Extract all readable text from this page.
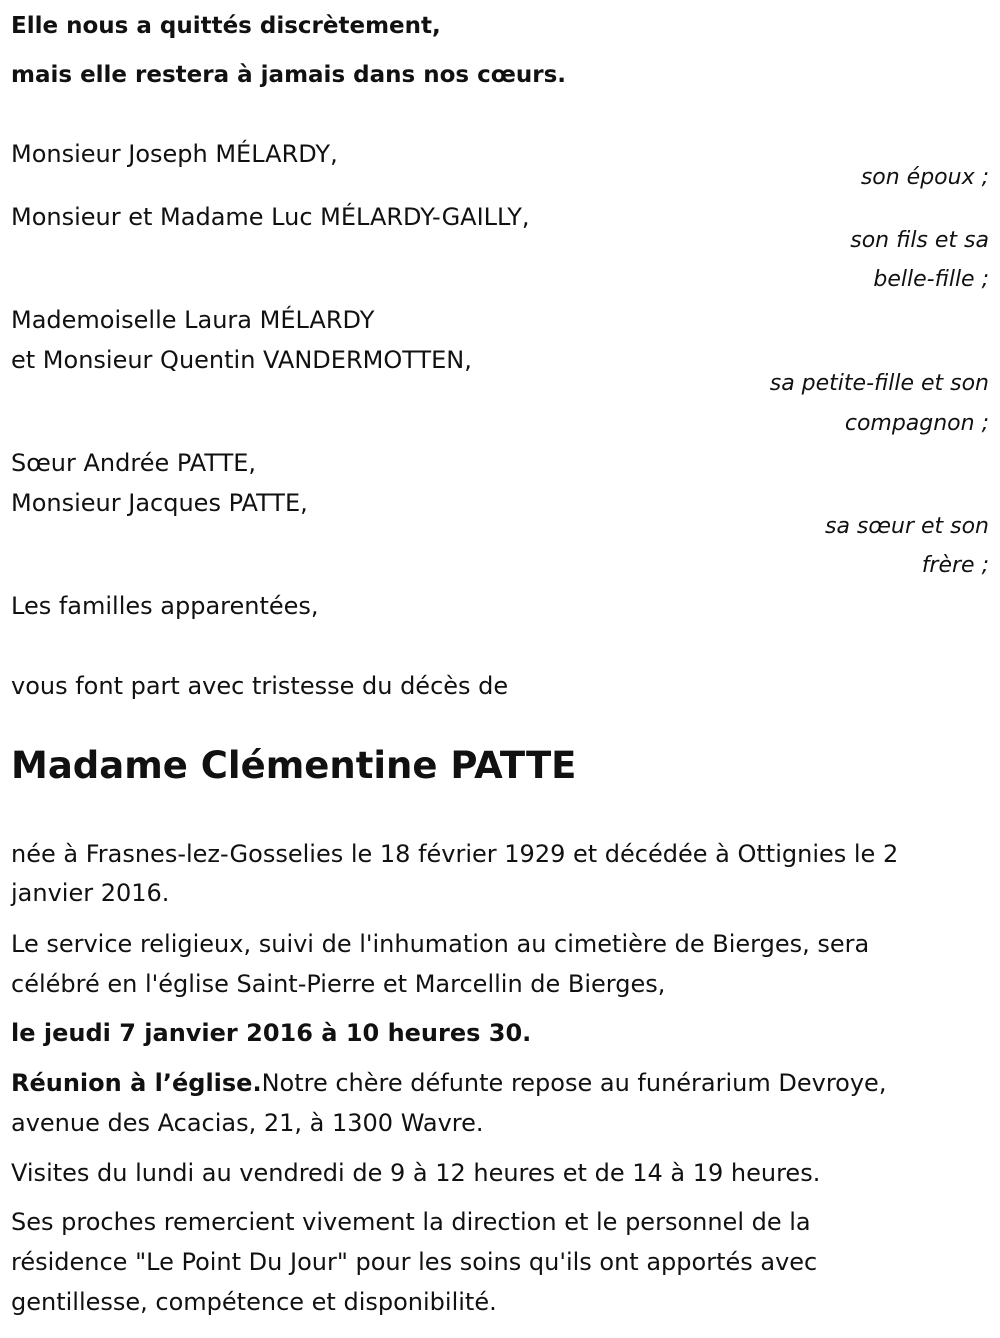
Elle nous a quittés discrètement,

mais elle restera à jamais dans nos cœurs.

Monsieur Joseph MÉLARDY,

son époux ;

Monsieur et Madame Luc MÉLARDY-GAILLY,

son fils et sa

belle-fille ;

Mademoiselle Laura MÉLARDY

et Monsieur Quentin VANDERMOTTEN,

sa petite-fille et son

compagnon ;

Sœur Andrée PATTE,

Monsieur Jacques PATTE,

sa sœur et son

frère ;

Les familles apparentées,

vous font part avec tristesse du décès de

Madame Clémentine PATTE

née à Frasnes-lez-Gosselies le 18 février 1929 et décédée à Ottignies le 2

janvier 2016.

Le service religieux, suivi de l'inhumation au cimetière de Bierges, sera

célébré en l'église Saint-Pierre et Marcellin de Bierges,

le jeudi 7 janvier 2016 à 10 heures 30.

Réunion à l’église.Notre chère défunte repose au funérarium Devroye,

avenue des Acacias, 21, à 1300 Wavre.

Visites du lundi au vendredi de 9 à 12 heures et de 14 à 19 heures.

Ses proches remercient vivement la direction et le personnel de la

résidence "Le Point Du Jour" pour les soins qu'ils ont apportés avec

gentillesse, compétence et disponibilité.
